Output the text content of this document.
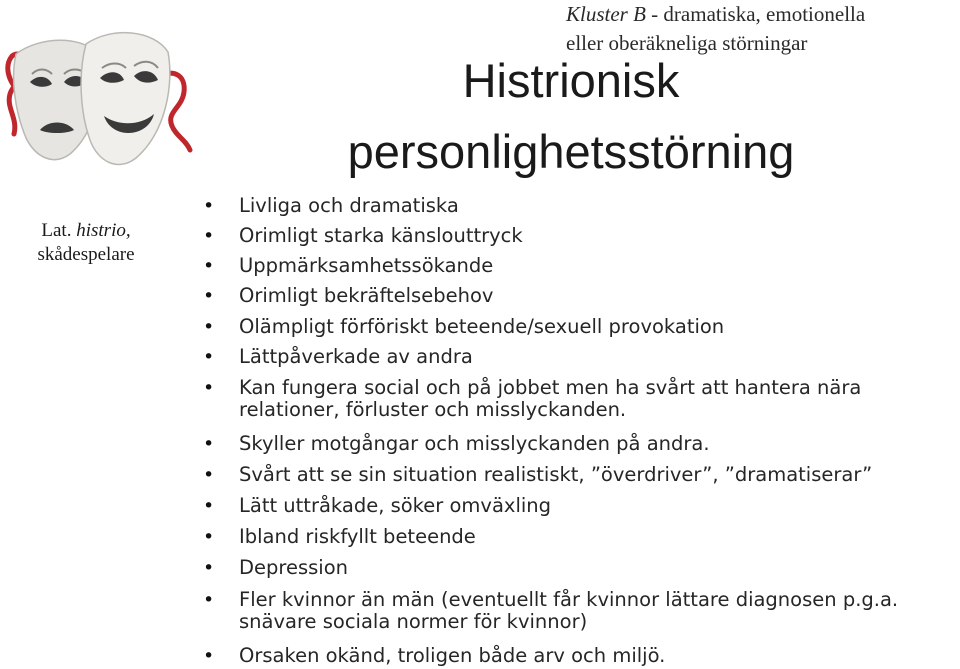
Kluster B - dramatiska, emotionella
eller oberäkneliga störningar
Histrionisk
personlighetsstörning
Lat. histrio,
skådespelare
• Livliga och dramatiska
• Orimligt starka känslouttryck
• Uppmärksamhetssökande
• Orimligt bekräftelsebehov
• Olämpligt förföriskt beteende/sexuell provokation
• Lättpåverkade av andra
• Kan fungera social och på jobbet men ha svårt att hantera nära
relationer, förluster och misslyckanden.
• Skyller motgångar och misslyckanden på andra.
• Svårt att se sin situation realistiskt, ”överdriver”, ”dramatiserar”
• Lätt uttråkade, söker omväxling
• Ibland riskfyllt beteende
• Depression
• Fler kvinnor än män (eventuellt får kvinnor lättare diagnosen p.g.a.
snävare sociala normer för kvinnor)
• Orsaken okänd, troligen både arv och miljö.
